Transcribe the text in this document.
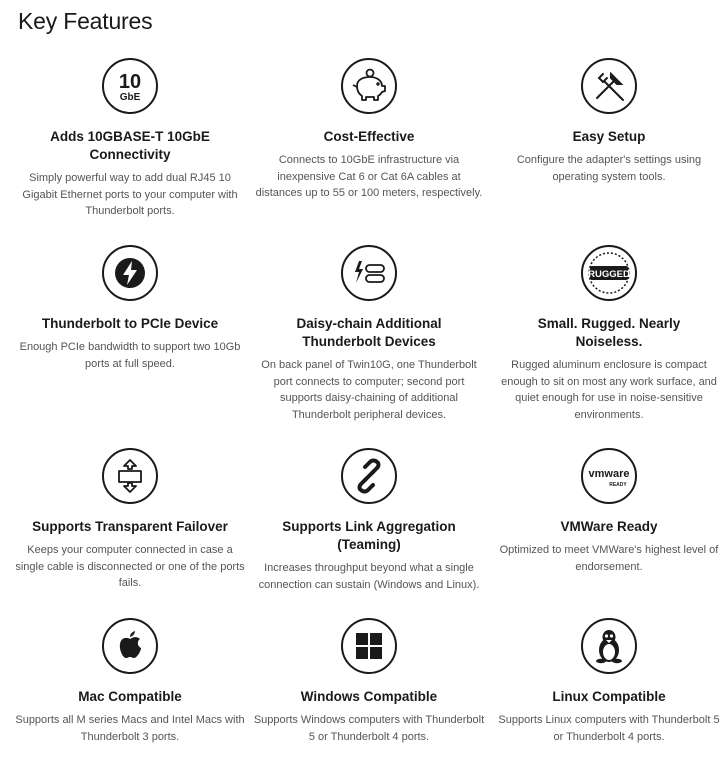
Key Features
10
GbE
Adds 10GBASE-T 10GbE Connectivity
Simply powerful way to add dual RJ45 10 Gigabit Ethernet ports to your computer with Thunderbolt ports.
Cost-Effective
Connects to 10GbE infrastructure via inexpensive Cat 6 or Cat 6A cables at distances up to 55 or 100 meters, respectively.
Easy Setup
Configure the adapter's settings using operating system tools.
Thunderbolt to PCIe Device
Enough PCIe bandwidth to support two 10Gb ports at full speed.
Daisy-chain Additional Thunderbolt Devices
On back panel of Twin10G, one Thunderbolt port connects to computer; second port supports daisy-chaining of additional Thunderbolt peripheral devices.
RUGGED
Small. Rugged. Nearly Noiseless.
Rugged aluminum enclosure is compact enough to sit on most any work surface, and quiet enough for use in noise-sensitive environments.
Supports Transparent Failover
Keeps your computer connected in case a single cable is disconnected or one of the ports fails.
Supports Link Aggregation (Teaming)
Increases throughput beyond what a single connection can sustain (Windows and Linux).
vmware
READY
VMWare Ready
Optimized to meet VMWare's highest level of endorsement.
Mac Compatible
Supports all M series Macs and Intel Macs with Thunderbolt 3 ports.
Windows Compatible
Supports Windows computers with Thunderbolt 5 or Thunderbolt 4 ports.
Linux Compatible
Supports Linux computers with Thunderbolt 5 or Thunderbolt 4 ports.
